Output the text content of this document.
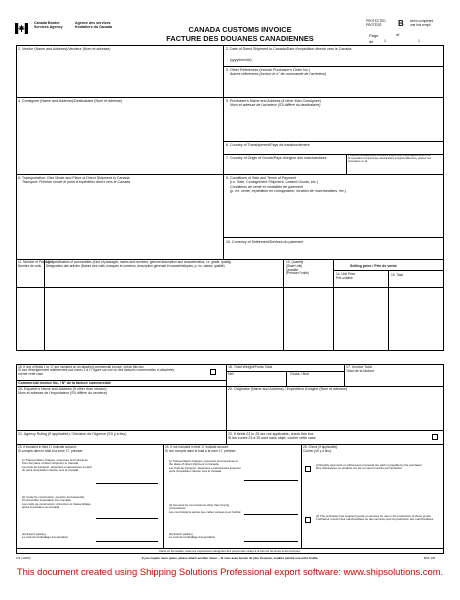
Canada Border Services Agency
Agence des services frontaliers du Canada	CANADA CUSTOMS INVOICE
FACTURE DES DOUANES CANADIENNES
PROTECTED
PROTÉGÉ	B when completed
une fois rempli
Page
de	1
of
1
1. Vendor (Name and Address)/Vendeur (Nom et adresse)	2. Date of Direct Shipment to Canada/Date d'expédition directe vers le Canada
(yyyy/mm/dd)
3. Other References (Include Purchaser's Order No.)
Autres références (Inclure le n° de commande de l'acheteur)
4. Consignee (Name and Address)/Destinataire (Nom et adresse)	5. Purchaser's Name and Address (if other than Consignee)
Nom et adresse de l'acheteur (S'il diffère du destinataire)
6. Country of Transhipment/Pays de transbordement
7. Country of Origin of Goods/Pays d'origine des marchandises
If shipment includes goods of different origins enter origins against items in 12.
Si l'expédition comprend des marchandises d'origines différentes, préciser leur provenance en 12.
8. Transportation: Give Mode and Place of Direct Shipment to Canada
Transport: Préciser mode et point d'expédition direct vers le Canada
9. Conditions of Sale and Terms of Payment
(i.e. Sale, Consignment Shipment, Leased Goods, etc.)
Conditions de vente et modalités de paiement
(p. ex. vente, expédition en consignation, location de marchandises, etc.)
10. Currency of Settlement/Devises du paiement
11. Number of Packages
Nombre de colis
12. Specification of commodities (Kind of packages, marks and numbers, general description and characteristics, i.e. grade, quality)
Désignation des articles (Nature des colis, marques et numéros, description générale et caractéristiques, p. ex. classe, qualité)
13. Quantity
(State Unit)
Quantité
(Préciser l'unité)
Selling price / Prix de vente
14. Unit Price
Prix unitaire
15. Total
18. If any of fields 1 to 17 are included on an attached commercial invoice, check this box
Si tout renseignement relativement aux zones 1 à 17 figure sur une ou des factures commerciales ci-attachées, cocher cette case
Commercial Invoice No. / N° de la facture commerciale
16. Total Weight/Poids Total
Net	Gross / Brut
17. Invoice Total
Total de la facture
19. Exporter's Name and Address (If other than Vendor)
Nom et adresse de l'exportateur (S'il diffère du vendeur)
20. Originator (Name and Address) / Expéditeur d'origine (Nom et adresse)
21. Agency Ruling (If applicable) / Décision de l'Agence (S'il y a lieu)	22. If fields 23 to 25 are not applicable, check this box
Si les zones 23 à 25 sont sans objet, cocher cette case
23. If included in field 17 indicate amount:
Si compris dans le total à la zone 17, préciser:
(i) Transportation charges, expenses and insurance from the place of direct shipment to Canada
Les frais de transport, dépenses et assurances à partir du point d'expédition directe vers le Canada
(ii) Costs for construction, erection and assembly incurred after importation into Canada
Les coûts de construction, d'érection et d'assemblage après importation au Canada
(iii) Export packing
Le coût de l'emballage d'exportation
24. If not included in field 17 indicate amount:
Si non compris dans le total à la zone 17, préciser:
(i) Transportation charges, expenses and insurance to the place of direct shipment to Canada
Les frais de transport, dépenses et assurances jusqu'au point d'expédition directe vers le Canada
(ii) Amounts for commissions other than buying commissions
Les commissions autres que celles versées pour l'achat
(iii) Export packing
Le coût de l'emballage d'exportation
25. Check (if applicable):
Cocher (s'il y a lieu):
(i) Royalty payments or subsequent proceeds are paid or payable by the purchaser
Des redevances ou produits ont été ou seront versés par l'acheteur
(ii) The purchaser has supplied goods or services for use in the production of these goods
L'acheteur a fourni des marchandises ou des services pour la production des marchandises
Dans ce formulaire, toute les expressions désignant des personnes visent à la fois les hommes et les femmes.
If you require more space, please attach another sheet. – Si vous avez besoin de plus d'espace, veuillez joindre une autre feuille.
CI1 (10/00)	BSF 106
This document created using Shipping Solutions Professional export software: www.shipsolutions.com.
